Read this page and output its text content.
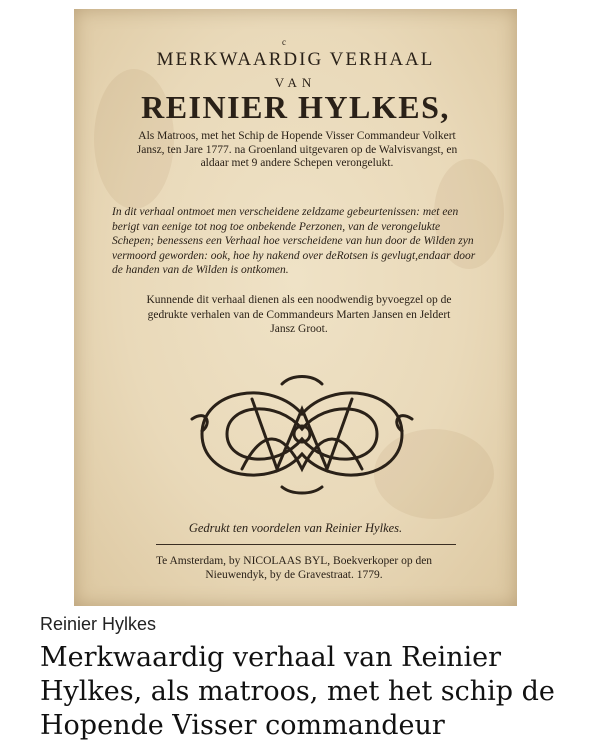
c
MERKWAARDIG VERHAAL
VAN
REINIER HYLKES,
Als Matroos, met het Schip de Hopende Visser Commandeur Volkert Jansz, ten Jare 1777. na Groenland uitgevaren op de Walvisvangst, en aldaar met 9 andere Schepen verongelukt.
In dit verhaal ontmoet men verscheidene zeldzame gebeurtenissen: met een berigt van eenige tot nog toe onbekende Perzonen, van de verongelukte Schepen; benessens een Verhaal hoe verscheidene van hun door de Wilden zyn vermoord geworden: ook, hoe hy nakend over deRotsen is gevlugt,endaar door de handen van de Wilden is ontkomen.
Kunnende dit verhaal dienen als een noodwendig byvoegzel op de gedrukte verhalen van de Commandeurs Marten Jansen en Jeldert Jansz Groot.
Gedrukt ten voordelen van Reinier Hylkes.
Te Amsterdam, by NICOLAAS BYL, Boekverkoper op den Nieuwendyk, by de Gravestraat. 1779.
Reinier Hylkes
Merkwaardig verhaal van Reinier Hylkes, als matroos, met het schip de Hopende Visser commandeur
